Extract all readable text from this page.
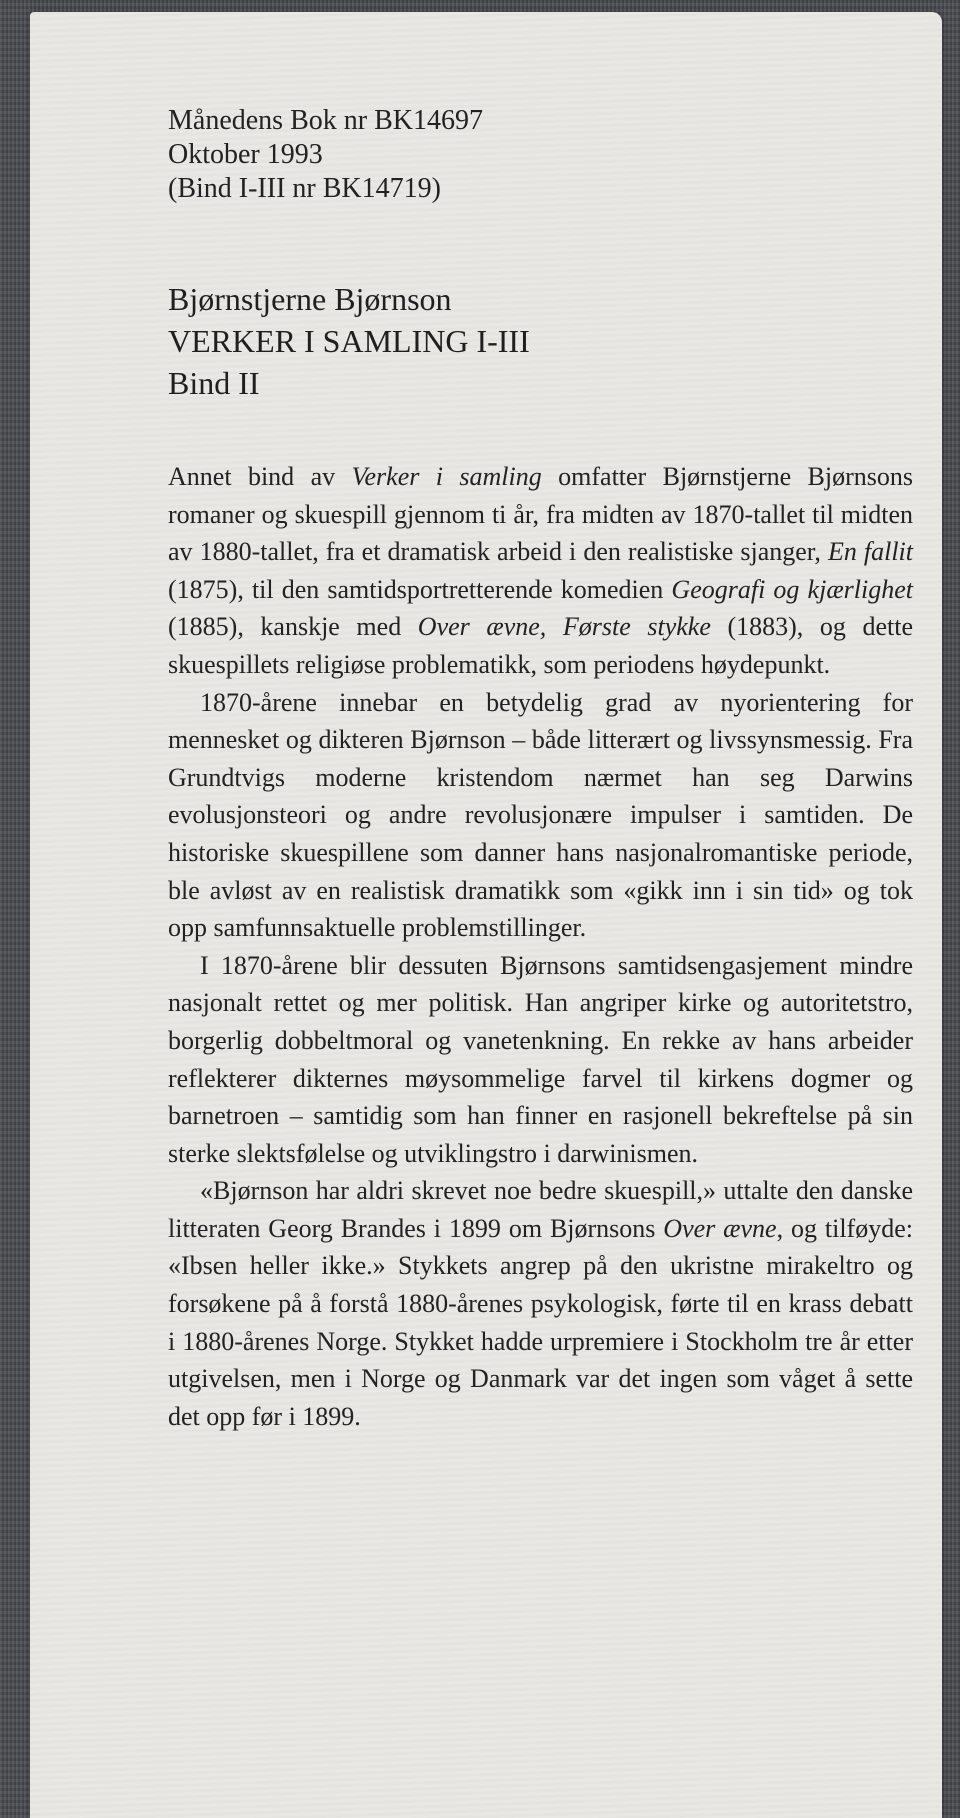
Månedens Bok nr BK14697
Oktober 1993
(Bind I-III nr BK14719)
Bjørnstjerne Bjørnson
VERKER I SAMLING I-III
Bind II

Annet bind av Verker i samling omfatter Bjørnstjerne Bjørnsons romaner og skuespill gjennom ti år, fra midten av 1870-tallet til midten av 1880-tallet, fra et dramatisk arbeid i den realistiske sjanger, En fallit (1875), til den samtidsportretterende komedien Geografi og kjærlighet (1885), kanskje med Over ævne, Første stykke (1883), og dette skuespillets religiøse problematikk, som periodens høydepunkt.

1870-årene innebar en betydelig grad av nyorientering for mennesket og dikteren Bjørnson – både litterært og livssynsmessig. Fra Grundtvigs moderne kristendom nærmet han seg Darwins evolusjonsteori og andre revolusjonære impulser i samtiden. De historiske skuespillene som danner hans nasjonalromantiske periode, ble avløst av en realistisk dramatikk som «gikk inn i sin tid» og tok opp samfunnsaktuelle problemstillinger.

I 1870-årene blir dessuten Bjørnsons samtidsengasjement mindre nasjonalt rettet og mer politisk. Han angriper kirke og autoritetstro, borgerlig dobbeltmoral og vanetenkning. En rekke av hans arbeider reflekterer dikternes møysommelige farvel til kirkens dogmer og barnetroen – samtidig som han finner en rasjonell bekreftelse på sin sterke slektsfølelse og utviklingstro i darwinismen.

«Bjørnson har aldri skrevet noe bedre skuespill,» uttalte den danske litteraten Georg Brandes i 1899 om Bjørnsons Over ævne, og tilføyde: «Ibsen heller ikke.» Stykkets angrep på den ukristne mirakeltro og forsøkene på å forstå 1880-årenes psykologisk, førte til en krass debatt i 1880-årenes Norge. Stykket hadde urpremiere i Stockholm tre år etter utgivelsen, men i Norge og Danmark var det ingen som våget å sette det opp før i 1899.
